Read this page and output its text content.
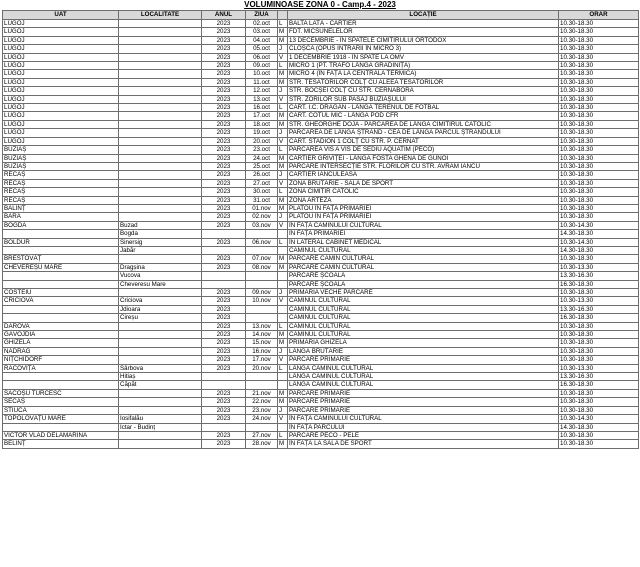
VOLUMINOASE ZONA 0 - Camp.4 - 2023
UAT	LOCALITATE	ANUL	ZIUA		LOCAȚIE	ORAR
LUGOJ		2023	02.oct	L	BALTA LATĂ - CARTIER	10.30-18.30
LUGOJ		2023	03.oct	M	FDT. MICSUNELELOR	10.30-18.30
LUGOJ		2023	04.oct	M	13 DECEMBRIE - ÎN SPATELE CIMITIRULUI ORTODOX	10.30-18.30
LUGOJ		2023	05.oct	J	CLOȘCA (OPUS INTRĂRII ÎN MICRO 3)	10.30-18.30
LUGOJ		2023	06.oct	V	1 DECEMBRIE 1918 - ÎN SPATE LA OMV	10.30-18.30
LUGOJ		2023	09.oct	L	MICRO 1 (PT. TRAFO LÂNGĂ GRĂDINIȚĂ)	10.30-18.30
LUGOJ		2023	10.oct	M	MICRO 4 (ÎN FAȚA LA CENTRALA TERMICĂ)	10.30-18.30
LUGOJ		2023	11.oct	M	STR. TESĂTORILOR COLȚ CU ALEEA TESĂTORILOR	10.30-18.30
LUGOJ		2023	12.oct	J	STR. BOCȘEI COLȚ CU STR. CERNABORA	10.30-18.30
LUGOJ		2023	13.oct	V	STR. ZORILOR SUB PASAJ BUZIAȘULUI	10.30-18.30
LUGOJ		2023	16.oct	L	CART. I.C. DRĂGAN - LÂNGĂ TERENUL DE FOTBAL	10.30-18.30
LUGOJ		2023	17.oct	M	CART. COTUL MIC - LÂNGĂ POD CFR	10.30-18.30
LUGOJ		2023	18.oct	M	STR. GHEORGHE DOJA - PARCAREA DE LÂNGĂ CIMITIRUL CATOLIC	10.30-18.30
LUGOJ		2023	19.oct	J	PARCAREA DE LÂNGĂ ȘTRAND - CEA DE LÂNGĂ PARCUL ȘTRANDULUI	10.30-18.30
LUGOJ		2023	20.oct	V	CART. STADION 1 COLȚ CU STR. P. CERNAT	10.30-18.30
BUZIAȘ		2023	23.oct	L	PARCAREA VIS A VIS DE SEDIU AQUATIM (PECO)	10.30-18.30
BUZIAȘ		2023	24.oct	M	CARTIER GRIVIȚEI - LÂNGĂ FOSTA GHENĂ DE GUNOI	10.30-18.30
BUZIAȘ		2023	25.oct	M	PARCARE INTERSECȚIE STR. FLORILOR CU STR. AVRAM IANCU	10.30-18.30
RECAȘ		2023	26.oct	J	CARTIER IANCULEASA	10.30-18.30
RECAȘ		2023	27.oct	V	ZONA BRUTĂRIE - SALA DE SPORT	10.30-18.30
RECAȘ		2023	30.oct	L	ZONA CIMITIR CATOLIC	10.30-18.30
RECAȘ		2023	31.oct	M	ZONA ARTEZA	10.30-18.30
BALINȚ		2023	01.nov	M	PLATOU ÎN FAȚA PRIMĂRIEI	10.30-18.30
BARA		2023	02.nov	J	PLATOU ÎN FAȚA PRIMĂRIEI	10.30-18.30
BOGDA	Buzad	2023	03.nov	V	ÎN FAȚA CĂMINULUI CULTURAL	10.30-14.30
	Bogda				ÎN FAȚA PRIMĂRIEI	14.30-18.30
BOLDUR	Sinersig	2023	06.nov	L	ÎN LATERAL CABINET MEDICAL	10.30-14.30
	Jabăr				CĂMINUL CULTURAL	14.30-18.30
BRESTOVĂȚ		2023	07.nov	M	PARCARE CĂMIN CULTURAL	10.30-18.30
CHEVEREȘU MARE	Dragșina	2023	08.nov	M	PARCARE CĂMIN CULTURAL	10.30-13.30
	Vucova				PARCARE ȘCOALĂ	13.30-16.30
	Cheveresu Mare				PARCARE ȘCOALĂ	16.30-18.30
COSTEIU		2023	09.nov	J	PRIMĂRIA VECHE PARCARE	10.30-18.30
CRICIOVA	Criciova	2023	10.nov	V	CĂMINUL CULTURAL	10.30-13.30
	Jdioara	2023			CĂMINUL CULTURAL	13.30-16.30
	Cireșu	2023			CĂMINUL CULTURAL	16.30-18.30
DAROVA		2023	13.nov	L	CĂMINUL CULTURAL	10.30-18.30
GĂVOJDIA		2023	14.nov	M	CĂMINUL CULTURAL	10.30-18.30
GHIZELA		2023	15.nov	M	PRIMĂRIA GHIZELA	10.30-18.30
NĂDRAG		2023	16.nov	J	LÂNGĂ BRUTĂRIE	10.30-18.30
NIȚCHIDORF		2023	17.nov	V	PARCARE PRIMĂRIE	10.30-18.30
RACOVIȚA	Sârbova	2023	20.nov	L	LÂNGĂ CĂMINUL CULTURAL	10.30-13.30
	Hitiaș				LÂNGĂ CĂMINUL CULTURAL	13.30-16.30
	Căpăt				LÂNGĂ CĂMINUL CULTURAL	16.30-18.30
SACOȘU TURCESC		2023	21.nov	M	PARCARE PRIMĂRIE	10.30-18.30
SECAȘ		2023	22.nov	M	PARCARE PRIMĂRIE	10.30-18.30
STIUCA		2023	23.nov	J	PARCARE PRIMĂRIE	10.30-18.30
TOPOLOVĂȚU MARE	Iosifalău	2023	24.nov	V	ÎN FAȚA CĂMINULUI CULTURAL	10.30-14.30
	Ictar - Budinț				ÎN FAȚA PARCULUI	14.30-18.30
VICTOR VLAD DELAMARINA		2023	27.nov	L	PARCARE PECO - PELE	10.30-18.30
BELINȚ		2023	28.nov	M	ÎN FAȚĂ LA SALA DE SPORT	10.30-18.30
